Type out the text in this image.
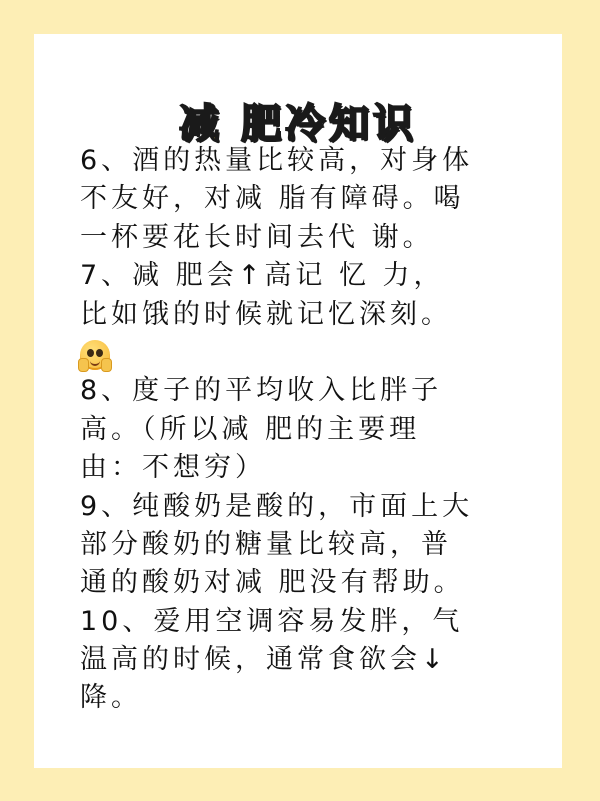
减 肥冷知识
6、酒的热量比较高，对身体
不友好，对减 脂有障碍。喝
一杯要花长时间去代 谢。
7、减 肥会↑高记 忆 力，
比如饿的时候就记忆深刻。
8、度子的平均收入比胖子
高。（所以减 肥的主要理
由：不想穷）
9、纯酸奶是酸的，市面上大
部分酸奶的糖量比较高，普
通的酸奶对减 肥没有帮助。
10、爱用空调容易发胖，气
温高的时候，通常食欲会↓
降。
